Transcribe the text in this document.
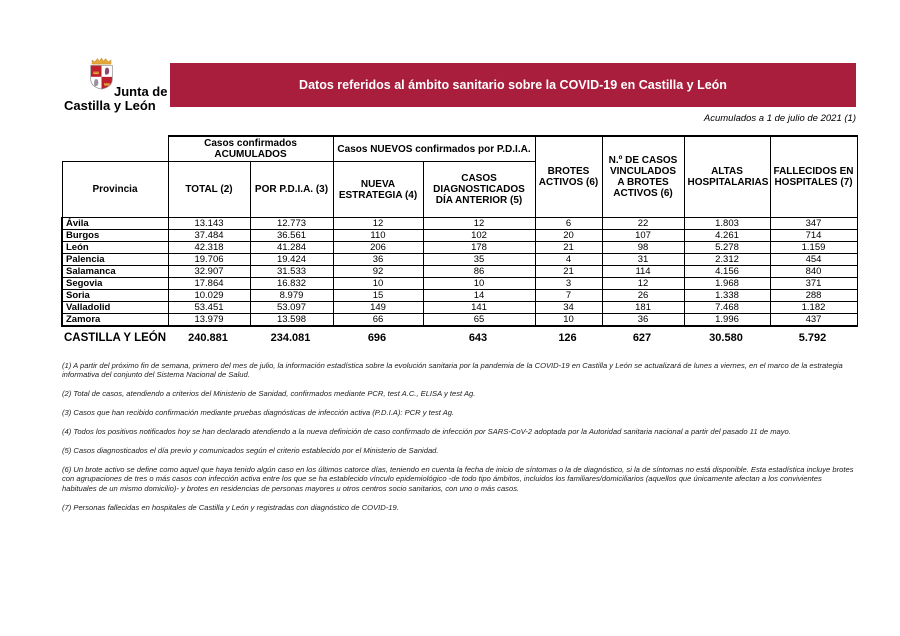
Junta de
Castilla y León
Datos referidos al ámbito sanitario sobre la COVID-19 en Castilla y León
Acumulados a 1 de julio de 2021 (1)
	Casos confirmados ACUMULADOS		Casos NUEVOS confirmados por P.D.I.A.		BROTES ACTIVOS (6)	N.º DE CASOS VINCULADOS A BROTES ACTIVOS (6)	ALTAS HOSPITALARIAS	FALLECIDOS EN HOSPITALES (7)
Provincia	TOTAL (2)	POR P.D.I.A. (3)	NUEVA ESTRATEGIA (4)	CASOS DIAGNOSTICADOS DÍA ANTERIOR (5)				
Ávila	13.143	12.773	12	12	6	22	1.803	347
Burgos	37.484	36.561	110	102	20	107	4.261	714
León	42.318	41.284	206	178	21	98	5.278	1.159
Palencia	19.706	19.424	36	35	4	31	2.312	454
Salamanca	32.907	31.533	92	86	21	114	4.156	840
Segovia	17.864	16.832	10	10	3	12	1.968	371
Soria	10.029	8.979	15	14	7	26	1.338	288
Valladolid	53.451	53.097	149	141	34	181	7.468	1.182
Zamora	13.979	13.598	66	65	10	36	1.996	437
CASTILLA Y LEÓN	240.881	234.081	696	643	126	627	30.580	5.792

(1) A partir del próximo fin de semana, primero del mes de julio, la información estadística sobre la evolución sanitaria por la pandemia de la COVID-19 en Castilla y León se actualizará de lunes a viernes, en el marco de la estrategia informativa del conjunto del Sistema Nacional de Salud.

(2) Total de casos, atendiendo a criterios del Ministerio de Sanidad, confirmados mediante PCR, test A.C., ELISA y test Ag.

(3) Casos que han recibido confirmación mediante pruebas diagnósticas de infección activa (P.D.I.A): PCR y test Ag.

(4) Todos los positivos notificados hoy se han declarado atendiendo a la nueva definición de caso confirmado de infección por SARS-CoV-2 adoptada por la Autoridad sanitaria nacional a partir del pasado 11 de mayo.

(5) Casos diagnosticados el día previo y comunicados según el criterio establecido por el Ministerio de Sanidad.

(6) Un brote activo se define como aquel que haya tenido algún caso en los últimos catorce días, teniendo en cuenta la fecha de inicio de síntomas o la de diagnóstico, si la de síntomas no está disponible. Esta estadística incluye brotes con agrupaciones de tres o más casos con infección activa entre los que se ha establecido vínculo epidemiológico -de todo tipo ámbitos, incluidos los familiares/domiciliarios (aquellos que únicamente afectan a los convivientes habituales de un mismo domicilio)- y brotes en residencias de personas mayores u otros centros socio sanitarios, con uno o más casos.

(7) Personas fallecidas en hospitales de Castilla y León y registradas con diagnóstico de COVID-19.
